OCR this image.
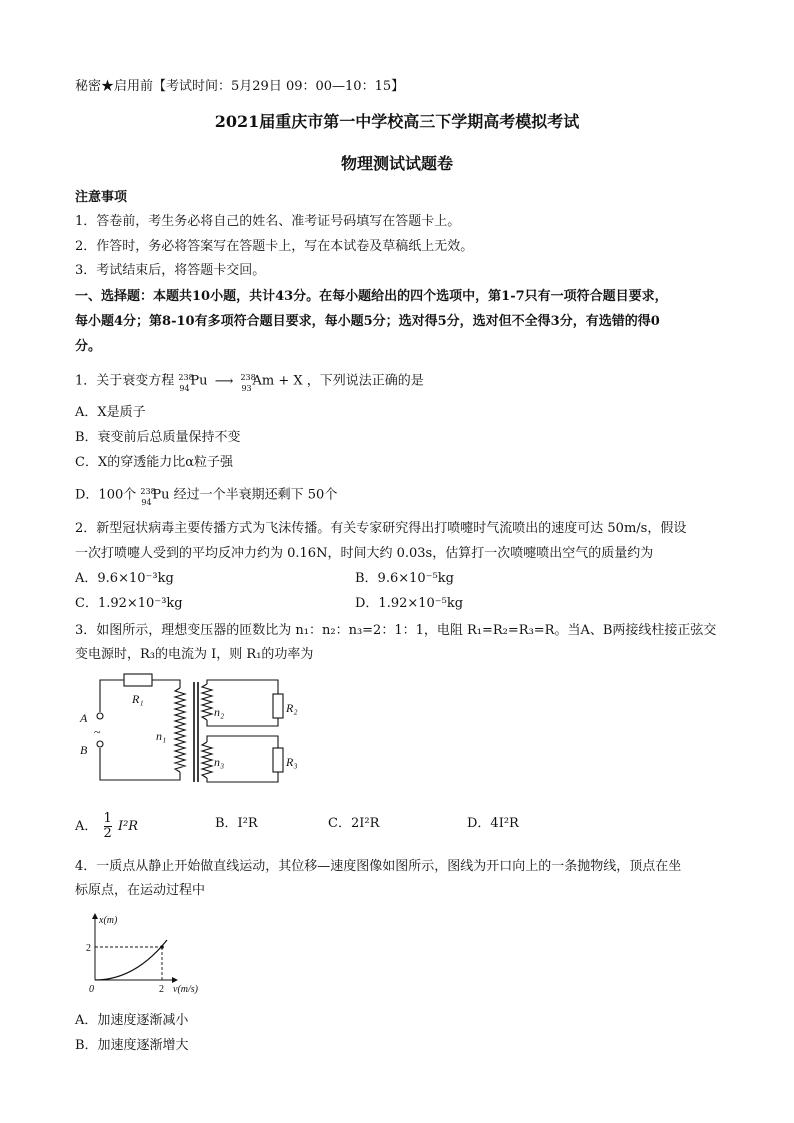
秘密★启用前【考试时间：5月29日 09：00—10：15】
2021届重庆市第一中学校高三下学期高考模拟考试
物理测试试题卷
注意事项
1．答卷前，考生务必将自己的姓名、准考证号码填写在答题卡上。
2．作答时，务必将答案写在答题卡上，写在本试卷及草稿纸上无效。
3．考试结束后，将答题卡交回。
一、选择题：本题共10小题，共计43分。在每小题给出的四个选项中，第1-7只有一项符合题目要求，
每小题4分；第8-10有多项符合题目要求，每小题5分；选对得5分，选对但不全得3分，有选错的得0
分。
1．关于衰变方程 238
94 Pu ⟶ 238
93 Am + X ，下列说法正确的是
A．X是质子
B．衰变前后总质量保持不变
C．X的穿透能力比α粒子强
D．100个 238
94 Pu 经过一个半衰期还剩下 50个
2．新型冠状病毒主要传播方式为飞沫传播。有关专家研究得出打喷嚏时气流喷出的速度可达 50m/s，假设
一次打喷嚏人受到的平均反冲力约为 0.16N，时间大约 0.03s，估算打一次喷嚏喷出空气的质量约为
A．9.6×10⁻³kg	B．9.6×10⁻⁵kg
C．1.92×10⁻³kg	D．1.92×10⁻⁵kg
3．如图所示，理想变压器的匝数比为 n₁：n₂：n₃=2：1：1，电阻 R₁=R₂=R₃=R。当A、B两接线柱接正弦交
变电源时，R₃的电流为 I，则 R₁的功率为
R₁
A
B
~	n₁
n₂
n₃
R₂
R₃
A． $\frac{1}{2} I^2R$	B．I²R	C．2I²R	D．4I²R
4．一质点从静止开始做直线运动，其位移—速度图像如图所示，图线为开口向上的一条抛物线，顶点在坐
标原点，在运动过程中
x(m)
v(m/s)
2
2
0
A．加速度逐渐减小
B．加速度逐渐增大
